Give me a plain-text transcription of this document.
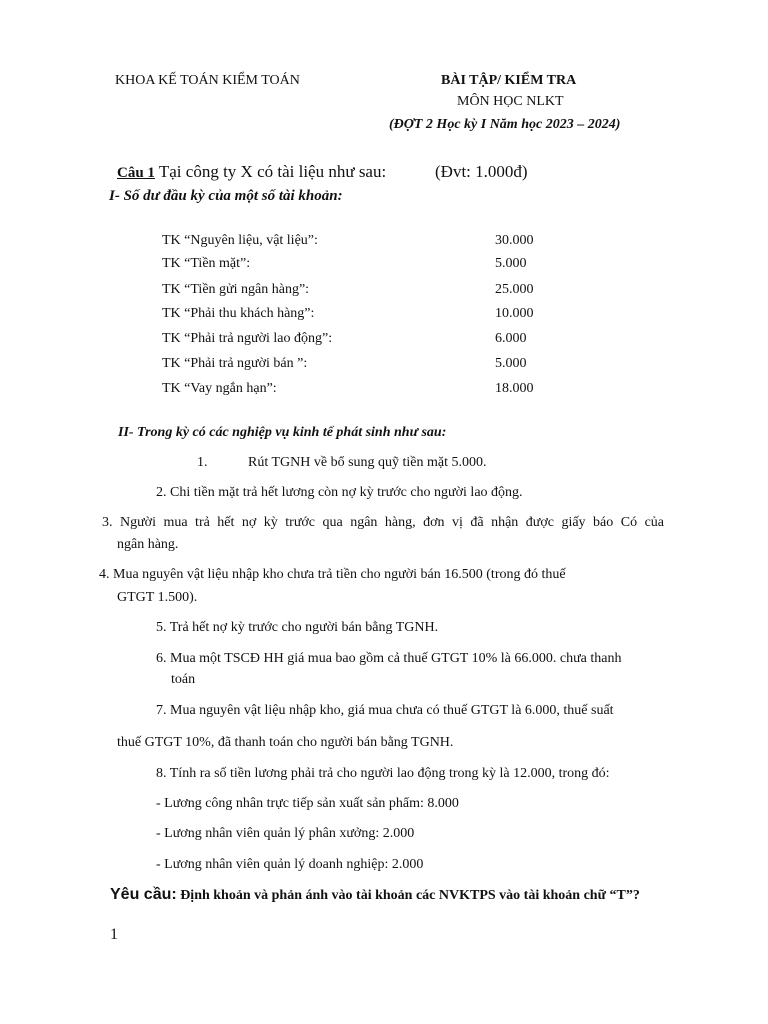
KHOA KẾ TOÁN KIỂM TOÁN	BÀI TẬP/ KIỂM TRA
MÔN HỌC NLKT
(ĐỢT 2 Học kỳ I Năm học 2023 – 2024)
Câu 1 Tại công ty X có tài liệu như sau:	(Đvt: 1.000đ)
I- Số dư đầu kỳ của một số tài khoản:
TK “Nguyên liệu, vật liệu”:	30.000
TK “Tiền mặt”:	5.000
TK “Tiền gửi ngân hàng”:	25.000
TK “Phải thu khách hàng”:	10.000
TK “Phải trả người lao động”:	6.000
TK “Phải trả người bán ”:	5.000
TK “Vay ngắn hạn”:	18.000
II- Trong kỳ có các nghiệp vụ kinh tế phát sinh như sau:
1.	Rút TGNH về bổ sung quỹ tiền mặt 5.000.
2. Chi tiền mặt trả hết lương còn nợ kỳ trước cho người lao động.
3. Người mua trả hết nợ kỳ trước qua ngân hàng, đơn vị đã nhận được giấy báo Có của
ngân hàng.
4. Mua nguyên vật liệu nhập kho chưa trả tiền cho người bán 16.500 (trong đó thuế
GTGT 1.500).
5. Trả hết nợ kỳ trước cho người bán bằng TGNH.
6. Mua một TSCĐ HH giá mua bao gồm cả thuế GTGT 10% là 66.000. chưa thanh
toán
7. Mua nguyên vật liệu nhập kho, giá mua chưa có thuế GTGT là 6.000, thuế suất
thuế GTGT 10%, đã thanh toán cho người bán bằng TGNH.
8. Tính ra số tiền lương phải trả cho người lao động trong kỳ là 12.000, trong đó:
- Lương công nhân trực tiếp sản xuất sản phẩm: 8.000
- Lương nhân viên quản lý phân xưởng: 2.000
- Lương nhân viên quản lý doanh nghiệp: 2.000
Yêu cầu: Định khoản và phản ánh vào tài khoản các NVKTPS vào tài khoản chữ “T”?
1
